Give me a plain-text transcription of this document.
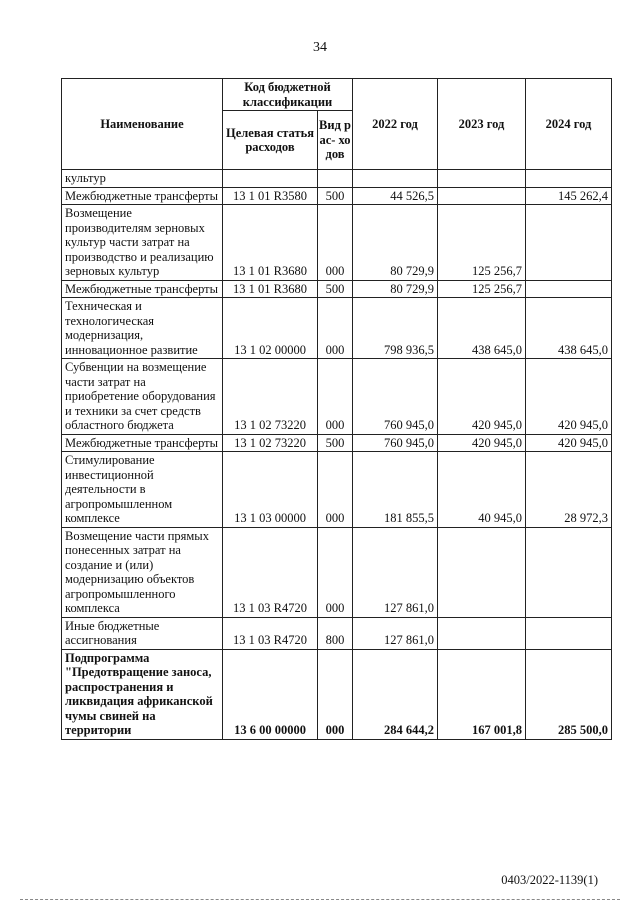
34
Наименование	Код бюджетной классификации		2022 год	2023 год	2024 год
	Целевая статья расходов	Вид рас- ходов			
культур					
Межбюджетные трансферты	13 1 01 R3580	500	44 526,5		145 262,4
Возмещение производителям зерновых культур части затрат на производство и реализацию зерновых культур	13 1 01 R3680	000	80 729,9	125 256,7	
Межбюджетные трансферты	13 1 01 R3680	500	80 729,9	125 256,7	
Техническая и технологическая модернизация, инновационное развитие	13 1 02 00000	000	798 936,5	438 645,0	438 645,0
Субвенции на возмещение части затрат на приобретение оборудования и техники за счет средств областного бюджета	13 1 02 73220	000	760 945,0	420 945,0	420 945,0
Межбюджетные трансферты	13 1 02 73220	500	760 945,0	420 945,0	420 945,0
Стимулирование инвестиционной деятельности в агропромышленном комплексе	13 1 03 00000	000	181 855,5	40 945,0	28 972,3
Возмещение части прямых понесенных затрат на создание и (или) модернизацию объектов агропромышленного комплекса	13 1 03 R4720	000	127 861,0		
Иные бюджетные ассигнования	13 1 03 R4720	800	127 861,0		
Подпрограмма "Предотвращение заноса, распространения и ликвидация африканской чумы свиней на территории	13 6 00 00000	000	284 644,2	167 001,8	285 500,0
0403/2022-1139(1)
